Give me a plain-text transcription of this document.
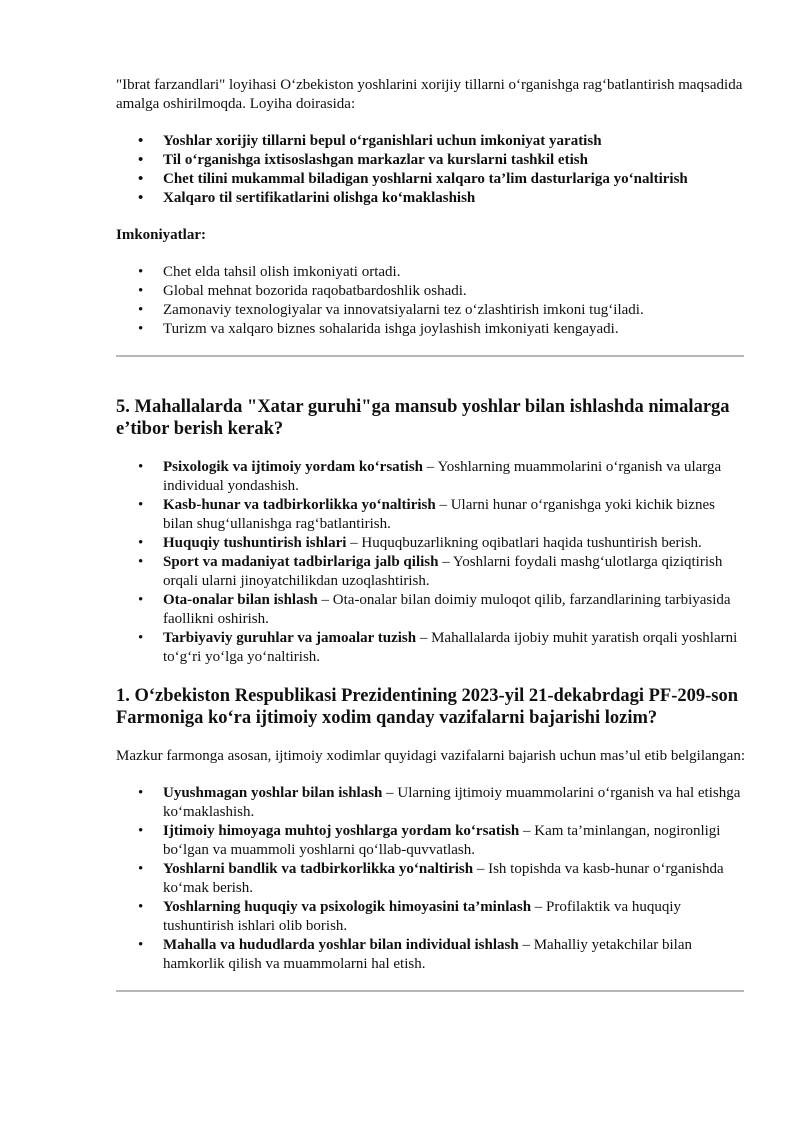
"Ibrat farzandlari" loyihasi O‘zbekiston yoshlarini xorijiy tillarni o‘rganishga rag‘batlantirish maqsadida amalga oshirilmoqda. Loyiha doirasida:

• Yoshlar xorijiy tillarni bepul o‘rganishlari uchun imkoniyat yaratish
• Til o‘rganishga ixtisoslashgan markazlar va kurslarni tashkil etish
• Chet tilini mukammal biladigan yoshlarni xalqaro ta’lim dasturlariga yo‘naltirish
• Xalqaro til sertifikatlarini olishga ko‘maklashish

Imkoniyatlar:

• Chet elda tahsil olish imkoniyati ortadi.
• Global mehnat bozorida raqobatbardoshlik oshadi.
• Zamonaviy texnologiyalar va innovatsiyalarni tez o‘zlashtirish imkoni tug‘iladi.
• Turizm va xalqaro biznes sohalarida ishga joylashish imkoniyati kengayadi.
5. Mahallalarda "Xatar guruhi"ga mansub yoshlar bilan ishlashda nimalarga e’tibor berish kerak?
• Psixologik va ijtimoiy yordam ko‘rsatish – Yoshlarning muammolarini o‘rganish va ularga individual yondashish.
• Kasb-hunar va tadbirkorlikka yo‘naltirish – Ularni hunar o‘rganishga yoki kichik biznes bilan shug‘ullanishga rag‘batlantirish.
• Huquqiy tushuntirish ishlari – Huquqbuzarlikning oqibatlari haqida tushuntirish berish.
• Sport va madaniyat tadbirlariga jalb qilish – Yoshlarni foydali mashg‘ulotlarga qiziqtirish orqali ularni jinoyatchilikdan uzoqlashtirish.
• Ota-onalar bilan ishlash – Ota-onalar bilan doimiy muloqot qilib, farzandlarining tarbiyasida faollikni oshirish.
• Tarbiyaviy guruhlar va jamoalar tuzish – Mahallalarda ijobiy muhit yaratish orqali yoshlarni to‘g‘ri yo‘lga yo‘naltirish.
1. O‘zbekiston Respublikasi Prezidentining 2023-yil 21-dekabrdagi PF-209-son Farmoniga ko‘ra ijtimoiy xodim qanday vazifalarni bajarishi lozim?

Mazkur farmonga asosan, ijtimoiy xodimlar quyidagi vazifalarni bajarish uchun mas’ul etib belgilangan:

• Uyushmagan yoshlar bilan ishlash – Ularning ijtimoiy muammolarini o‘rganish va hal etishga ko‘maklashish.
• Ijtimoiy himoyaga muhtoj yoshlarga yordam ko‘rsatish – Kam ta’minlangan, nogironligi bo‘lgan va muammoli yoshlarni qo‘llab-quvvatlash.
• Yoshlarni bandlik va tadbirkorlikka yo‘naltirish – Ish topishda va kasb-hunar o‘rganishda ko‘mak berish.
• Yoshlarning huquqiy va psixologik himoyasini ta’minlash – Profilaktik va huquqiy tushuntirish ishlari olib borish.
• Mahalla va hududlarda yoshlar bilan individual ishlash – Mahalliy yetakchilar bilan hamkorlik qilish va muammolarni hal etish.
